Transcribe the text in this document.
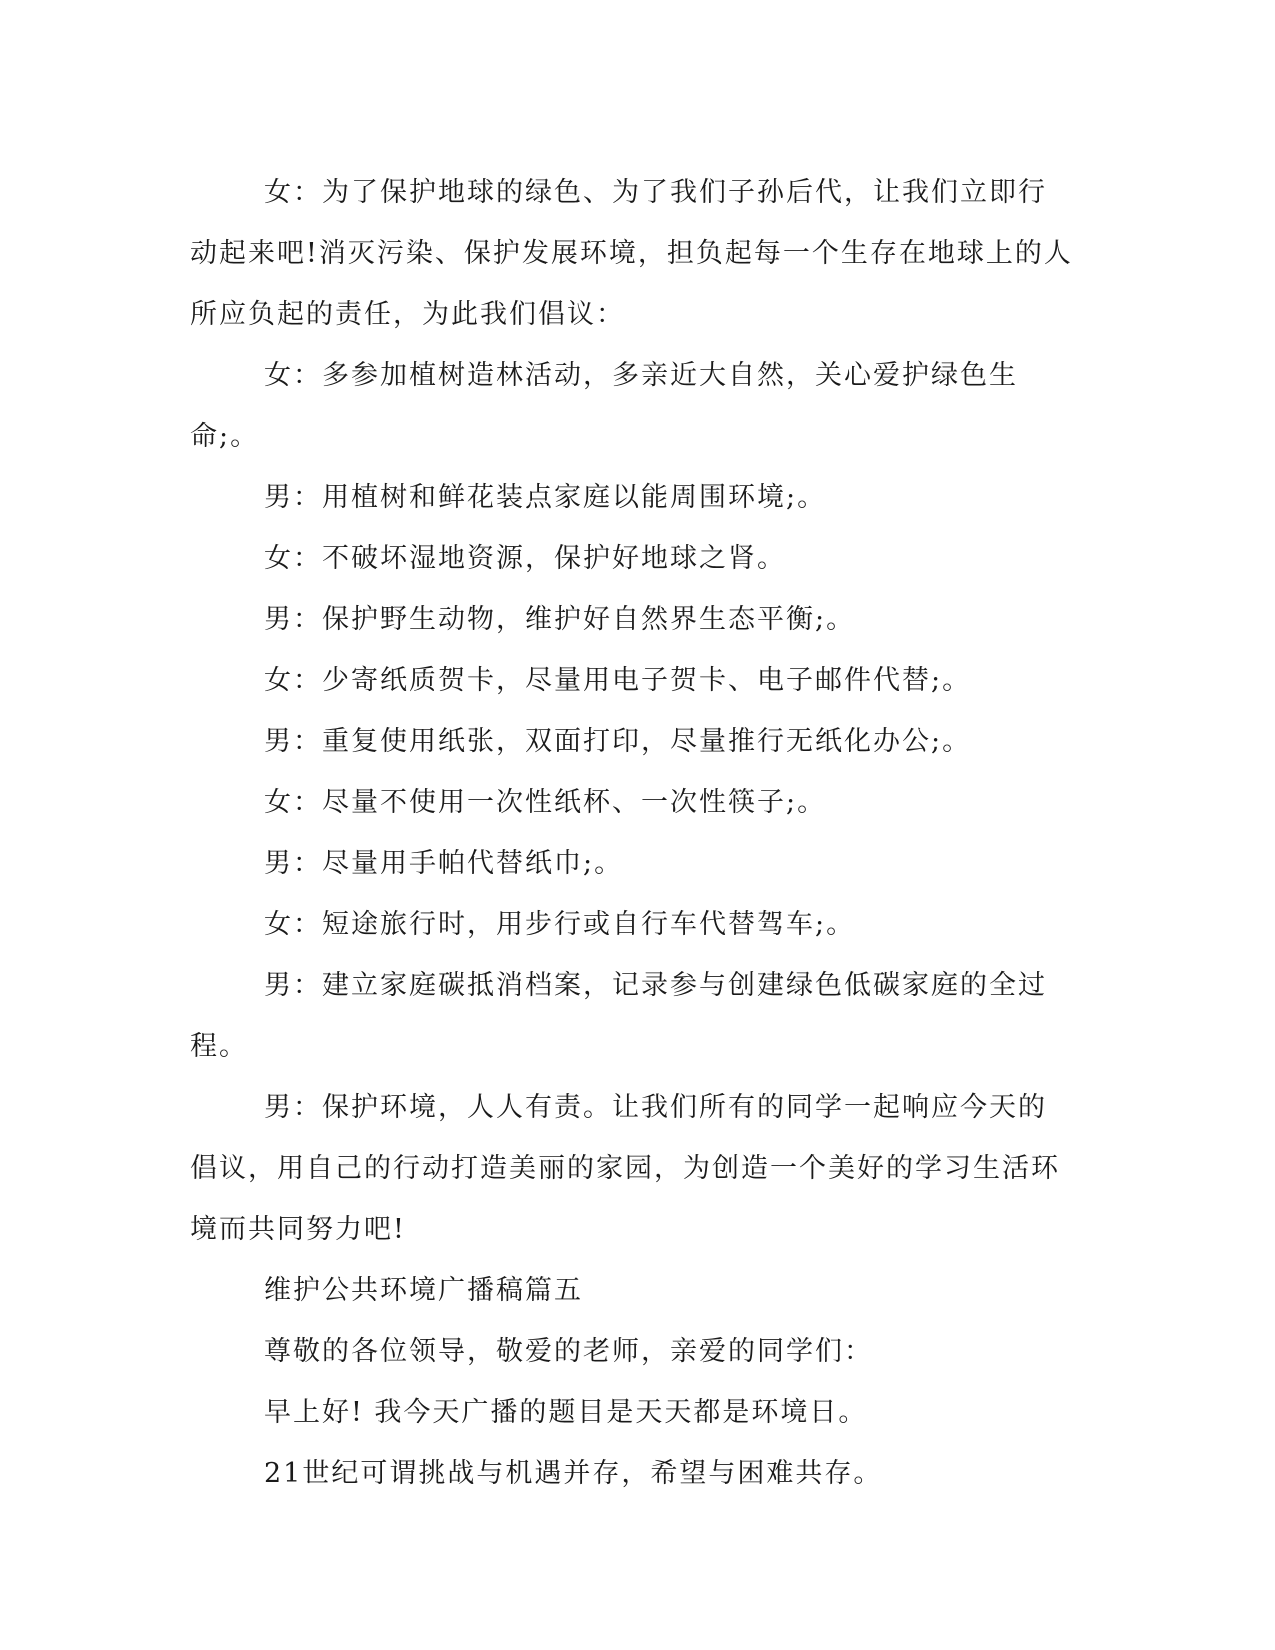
女：为了保护地球的绿色、为了我们子孙后代，让我们立即行动起来吧!消灭污染、保护发展环境，担负起每一个生存在地球上的人所应负起的责任，为此我们倡议：

女：多参加植树造林活动，多亲近大自然，关心爱护绿色生命;。

男：用植树和鲜花装点家庭以能周围环境;。

女：不破坏湿地资源，保护好地球之肾。

男：保护野生动物，维护好自然界生态平衡;。

女：少寄纸质贺卡，尽量用电子贺卡、电子邮件代替;。

男：重复使用纸张，双面打印，尽量推行无纸化办公;。

女：尽量不使用一次性纸杯、一次性筷子;。

男：尽量用手帕代替纸巾;。

女：短途旅行时，用步行或自行车代替驾车;。

男：建立家庭碳抵消档案，记录参与创建绿色低碳家庭的全过程。

男：保护环境，人人有责。让我们所有的同学一起响应今天的倡议，用自己的行动打造美丽的家园，为创造一个美好的学习生活环境而共同努力吧!

维护公共环境广播稿篇五

尊敬的各位领导，敬爱的老师，亲爱的同学们：

早上好! 我今天广播的题目是天天都是环境日。

21世纪可谓挑战与机遇并存，希望与困难共存。
